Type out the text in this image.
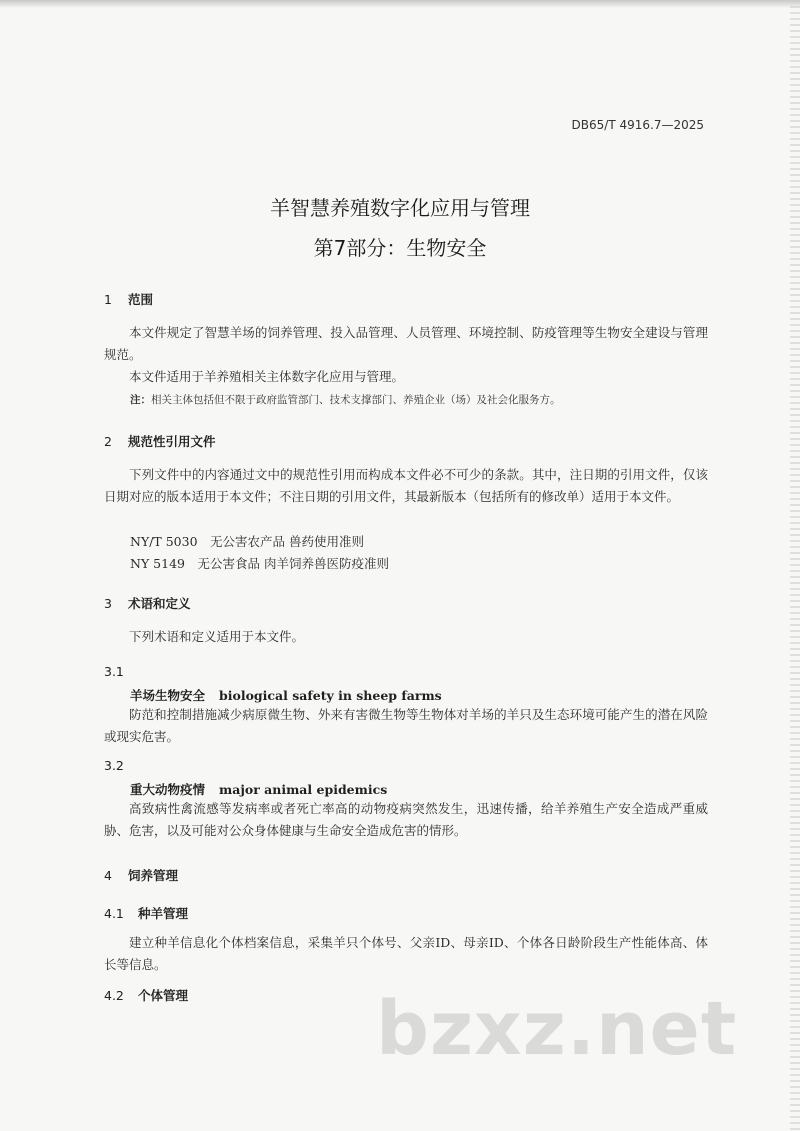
DB65/T 4916.7—2025
羊智慧养殖数字化应用与管理
第7部分：生物安全
1 范围
本文件规定了智慧羊场的饲养管理、投入品管理、人员管理、环境控制、防疫管理等生物安全建设与管理规范。
本文件适用于羊养殖相关主体数字化应用与管理。
注：相关主体包括但不限于政府监管部门、技术支撑部门、养殖企业（场）及社会化服务方。
2 规范性引用文件
下列文件中的内容通过文中的规范性引用而构成本文件必不可少的条款。其中，注日期的引用文件，仅该日期对应的版本适用于本文件；不注日期的引用文件，其最新版本（包括所有的修改单）适用于本文件。
NY/T 5030　无公害农产品 兽药使用准则
NY 5149　无公害食品 肉羊饲养兽医防疫准则
3 术语和定义
下列术语和定义适用于本文件。
3.1
羊场生物安全 biological safety in sheep farms
防范和控制措施减少病原微生物、外来有害微生物等生物体对羊场的羊只及生态环境可能产生的潜在风险或现实危害。
3.2
重大动物疫情 major animal epidemics
高致病性禽流感等发病率或者死亡率高的动物疫病突然发生，迅速传播，给羊养殖生产安全造成严重威胁、危害，以及可能对公众身体健康与生命安全造成危害的情形。
4 饲养管理
4.1 种羊管理
建立种羊信息化个体档案信息，采集羊只个体号、父亲ID、母亲ID、个体各日龄阶段生产性能体高、体长等信息。
4.2 个体管理	bzxz.net
